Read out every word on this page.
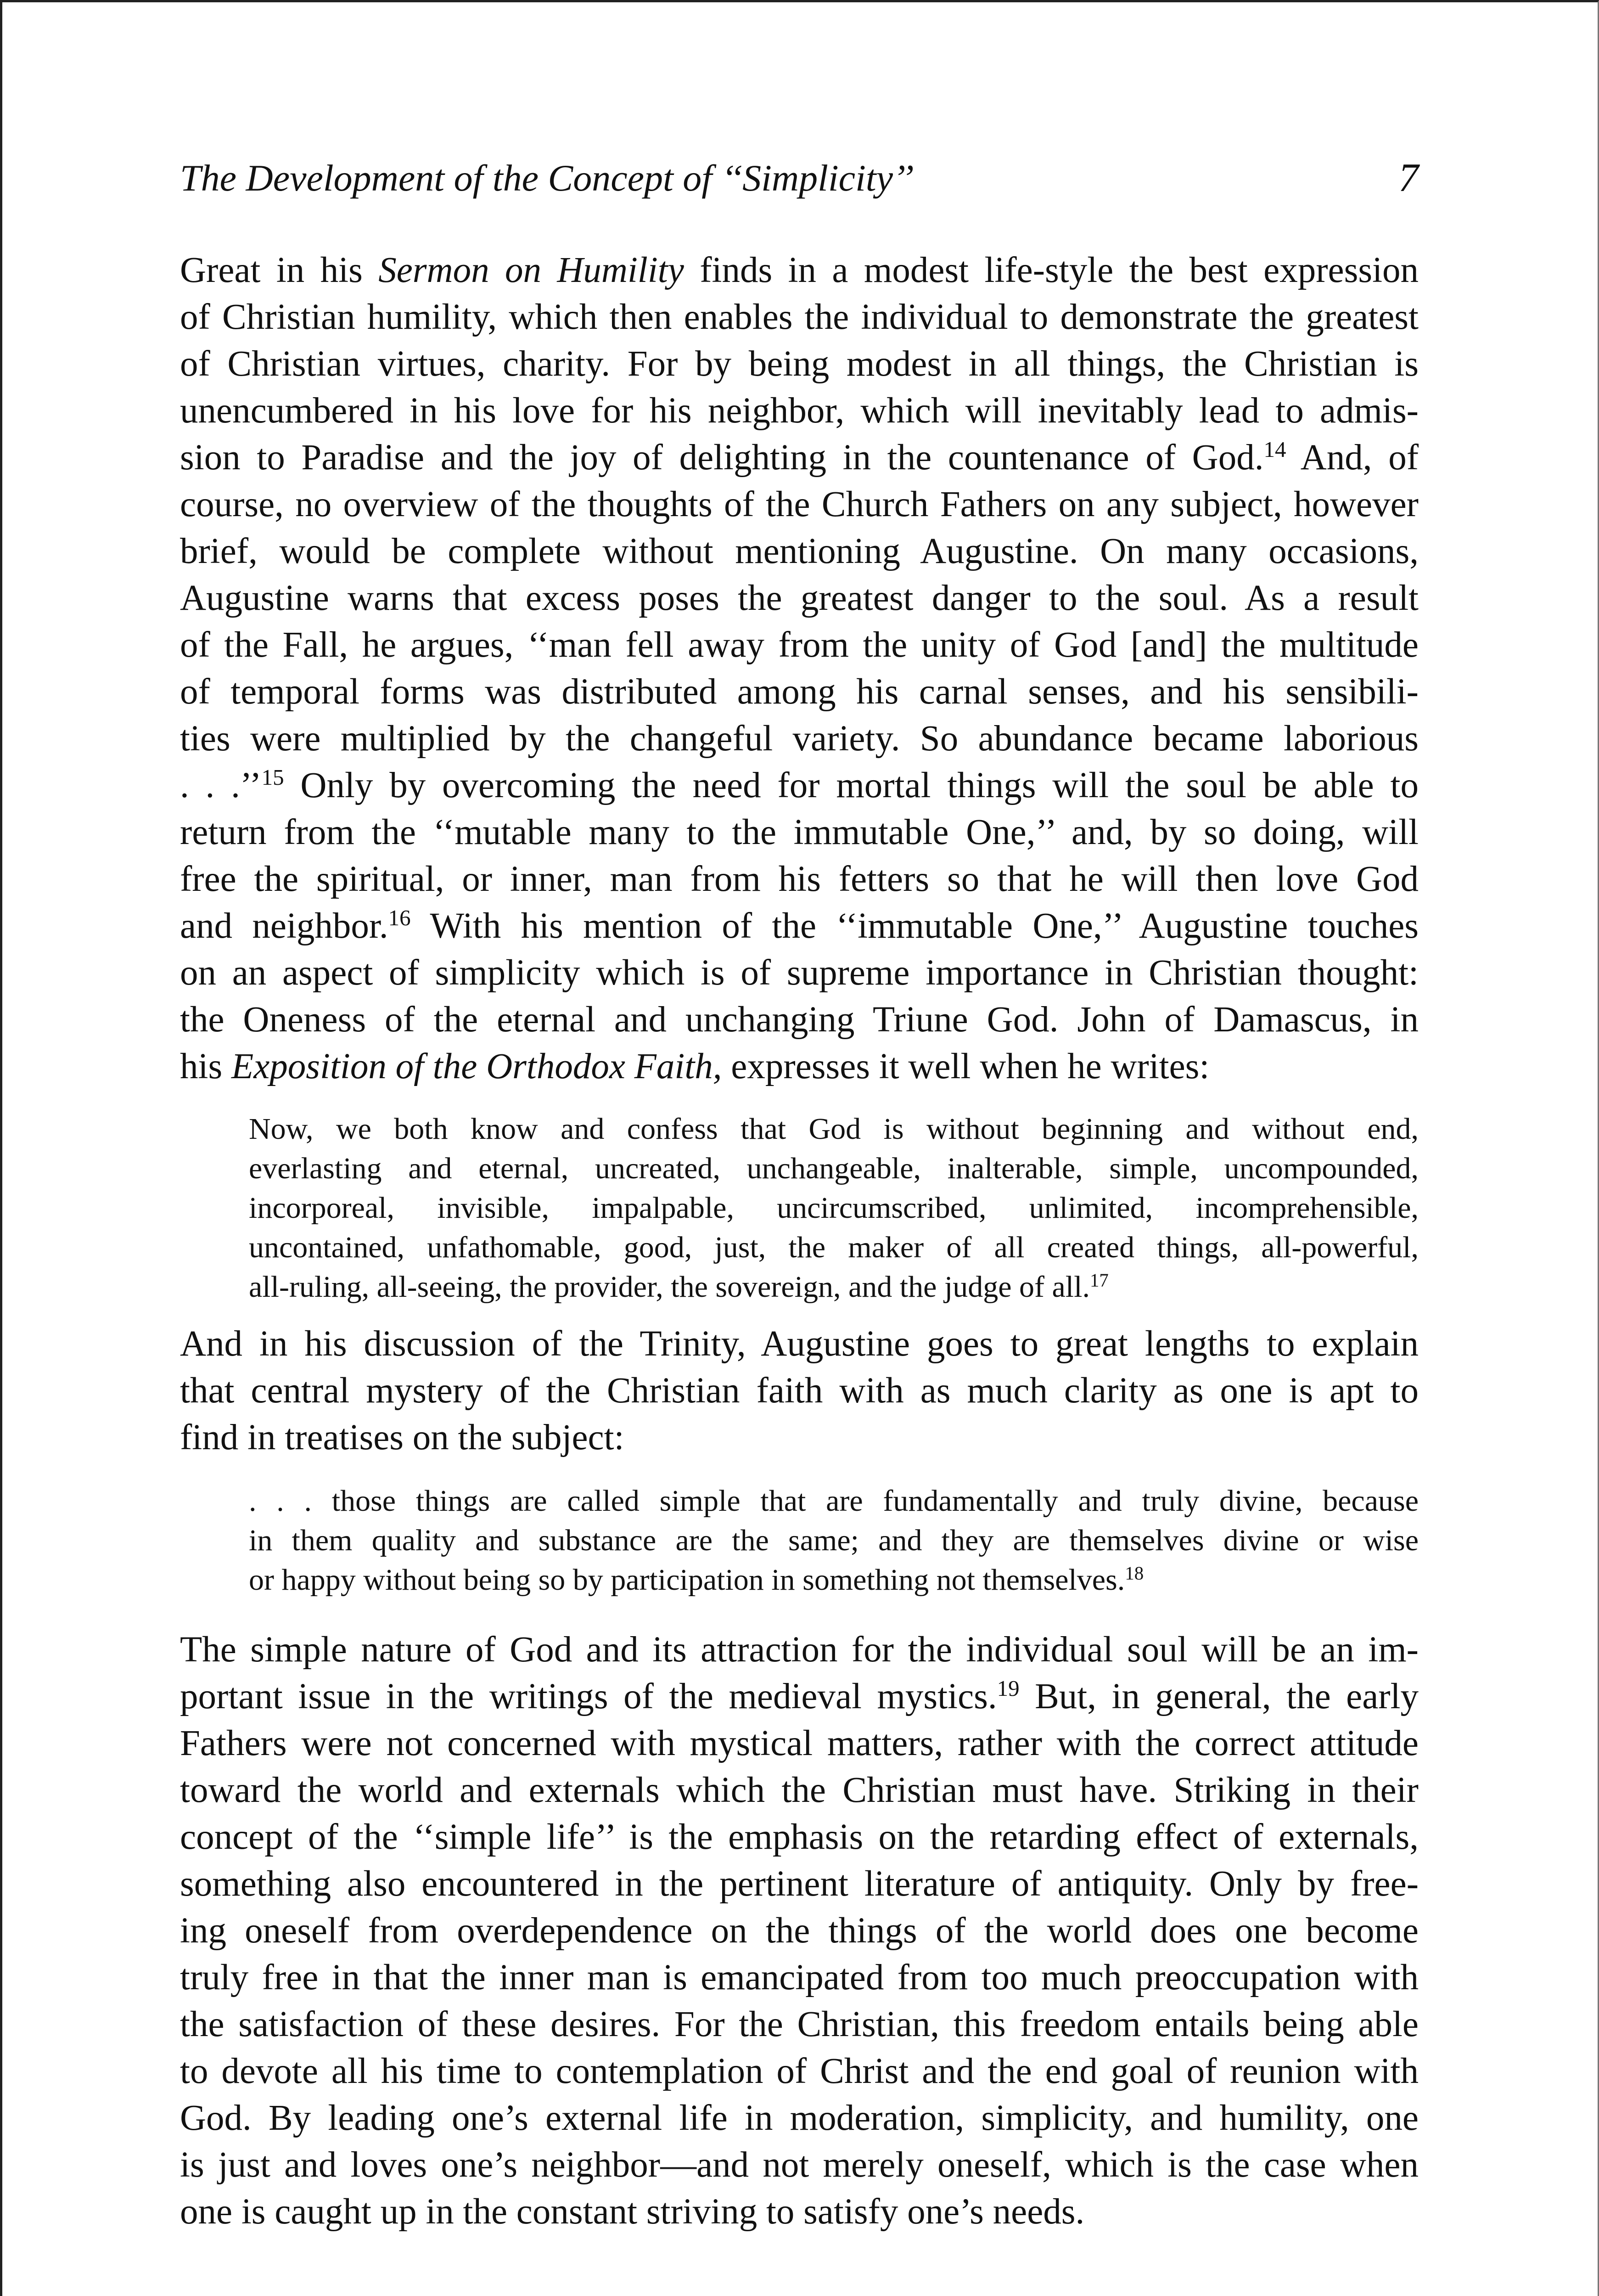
The Development of the Concept of ‘‘Simplicity’’	7
Great in his Sermon on Humility finds in a modest life-style the best expression
of Christian humility, which then enables the individual to demonstrate the greatest
of Christian virtues, charity. For by being modest in all things, the Christian is
unencumbered in his love for his neighbor, which will inevitably lead to admis-
sion to Paradise and the joy of delighting in the countenance of God.$^{14}$ And, of
course, no overview of the thoughts of the Church Fathers on any subject, however
brief, would be complete without mentioning Augustine. On many occasions,
Augustine warns that excess poses the greatest danger to the soul. As a result
of the Fall, he argues, ‘‘man fell away from the unity of God [and] the multitude
of temporal forms was distributed among his carnal senses, and his sensibili-
ties were multiplied by the changeful variety. So abundance became laborious
. . .’’$^{15}$ Only by overcoming the need for mortal things will the soul be able to
return from the ‘‘mutable many to the immutable One,’’ and, by so doing, will
free the spiritual, or inner, man from his fetters so that he will then love God
and neighbor.$^{16}$ With his mention of the ‘‘immutable One,’’ Augustine touches
on an aspect of simplicity which is of supreme importance in Christian thought:
the Oneness of the eternal and unchanging Triune God. John of Damascus, in
his Exposition of the Orthodox Faith, expresses it well when he writes:
Now, we both know and confess that God is without beginning and without end,
everlasting and eternal, uncreated, unchangeable, inalterable, simple, uncompounded,
incorporeal, invisible, impalpable, uncircumscribed, unlimited, incomprehensible,
uncontained, unfathomable, good, just, the maker of all created things, all-powerful,
all-ruling, all-seeing, the provider, the sovereign, and the judge of all.$^{17}$
And in his discussion of the Trinity, Augustine goes to great lengths to explain
that central mystery of the Christian faith with as much clarity as one is apt to
find in treatises on the subject:
. . . those things are called simple that are fundamentally and truly divine, because
in them quality and substance are the same; and they are themselves divine or wise
or happy without being so by participation in something not themselves.$^{18}$
The simple nature of God and its attraction for the individual soul will be an im-
portant issue in the writings of the medieval mystics.$^{19}$ But, in general, the early
Fathers were not concerned with mystical matters, rather with the correct attitude
toward the world and externals which the Christian must have. Striking in their
concept of the ‘‘simple life’’ is the emphasis on the retarding effect of externals,
something also encountered in the pertinent literature of antiquity. Only by free-
ing oneself from overdependence on the things of the world does one become
truly free in that the inner man is emancipated from too much preoccupation with
the satisfaction of these desires. For the Christian, this freedom entails being able
to devote all his time to contemplation of Christ and the end goal of reunion with
God. By leading one’s external life in moderation, simplicity, and humility, one
is just and loves one’s neighbor—and not merely oneself, which is the case when
one is caught up in the constant striving to satisfy one’s needs.
